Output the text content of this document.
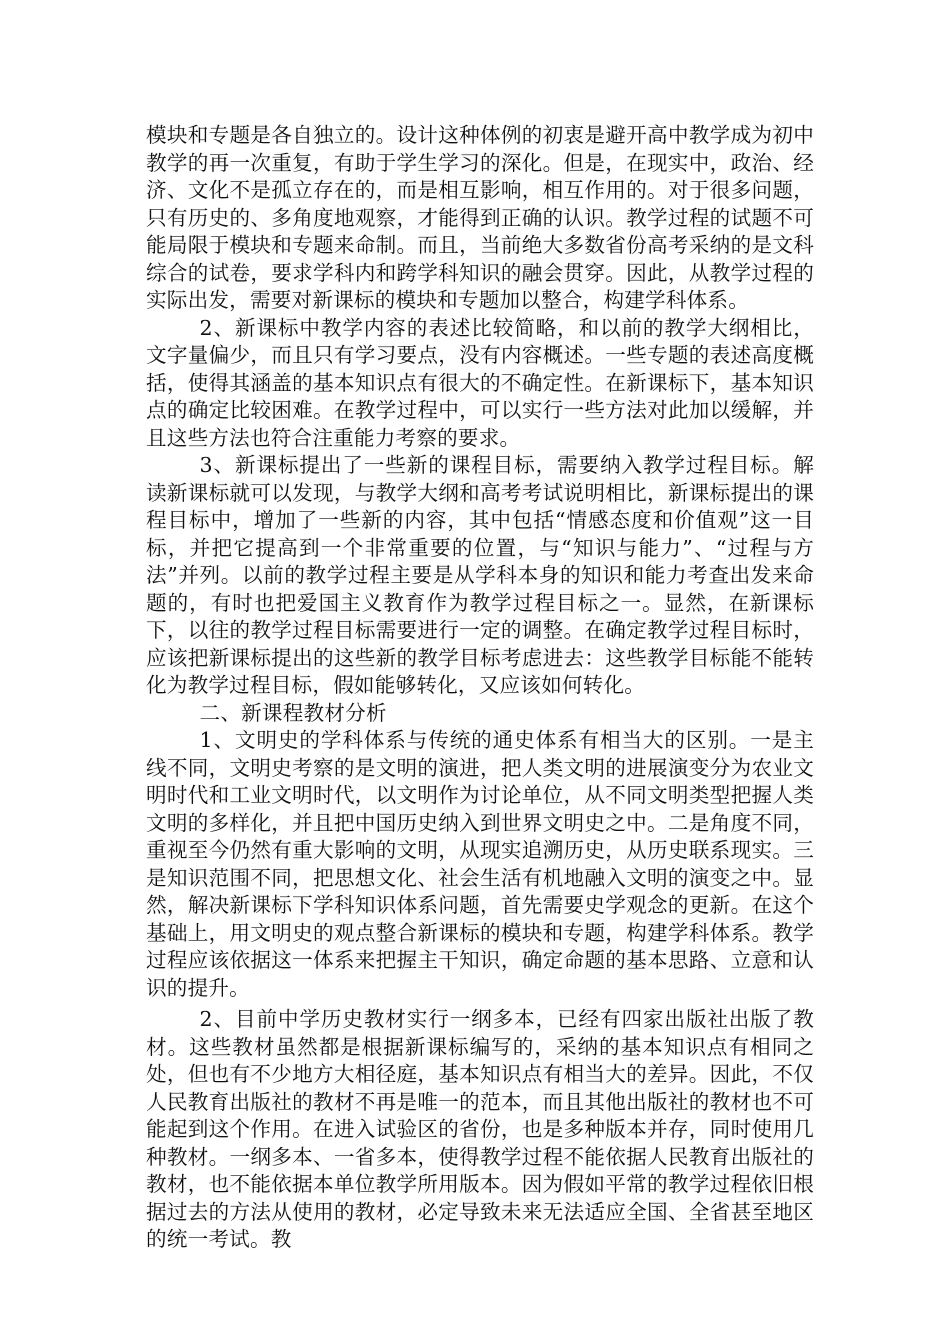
模块和专题是各自独立的。设计这种体例的初衷是避开高中教学成为初中教学的再一次重复，有助于学生学习的深化。但是，在现实中，政治、经济、文化不是孤立存在的，而是相互影响，相互作用的。对于很多问题，只有历史的、多角度地观察，才能得到正确的认识。教学过程的试题不可能局限于模块和专题来命制。而且，当前绝大多数省份高考采纳的是文科综合的试卷，要求学科内和跨学科知识的融会贯穿。因此，从教学过程的实际出发，需要对新课标的模块和专题加以整合，构建学科体系。

2、新课标中教学内容的表述比较简略，和以前的教学大纲相比，文字量偏少，而且只有学习要点，没有内容概述。一些专题的表述高度概括，使得其涵盖的基本知识点有很大的不确定性。在新课标下，基本知识点的确定比较困难。在教学过程中，可以实行一些方法对此加以缓解，并且这些方法也符合注重能力考察的要求。

3、新课标提出了一些新的课程目标，需要纳入教学过程目标。解读新课标就可以发现，与教学大纲和高考考试说明相比，新课标提出的课程目标中，增加了一些新的内容，其中包括“情感态度和价值观”这一目标，并把它提高到一个非常重要的位置，与“知识与能力”、“过程与方法”并列。以前的教学过程主要是从学科本身的知识和能力考查出发来命题的，有时也把爱国主义教育作为教学过程目标之一。显然，在新课标下，以往的教学过程目标需要进行一定的调整。在确定教学过程目标时，应该把新课标提出的这些新的教学目标考虑进去：这些教学目标能不能转化为教学过程目标，假如能够转化，又应该如何转化。

二、新课程教材分析

1、文明史的学科体系与传统的通史体系有相当大的区别。一是主线不同，文明史考察的是文明的演进，把人类文明的进展演变分为农业文明时代和工业文明时代，以文明作为讨论单位，从不同文明类型把握人类文明的多样化，并且把中国历史纳入到世界文明史之中。二是角度不同，重视至今仍然有重大影响的文明，从现实追溯历史，从历史联系现实。三是知识范围不同，把思想文化、社会生活有机地融入文明的演变之中。显然，解决新课标下学科知识体系问题，首先需要史学观念的更新。在这个基础上，用文明史的观点整合新课标的模块和专题，构建学科体系。教学过程应该依据这一体系来把握主干知识，确定命题的基本思路、立意和认识的提升。

2、目前中学历史教材实行一纲多本，已经有四家出版社出版了教材。这些教材虽然都是根据新课标编写的，采纳的基本知识点有相同之处，但也有不少地方大相径庭，基本知识点有相当大的差异。因此，不仅人民教育出版社的教材不再是唯一的范本，而且其他出版社的教材也不可能起到这个作用。在进入试验区的省份，也是多种版本并存，同时使用几种教材。一纲多本、一省多本，使得教学过程不能依据人民教育出版社的教材，也不能依据本单位教学所用版本。因为假如平常的教学过程依旧根据过去的方法从使用的教材，必定导致未来无法适应全国、全省甚至地区的统一考试。教
